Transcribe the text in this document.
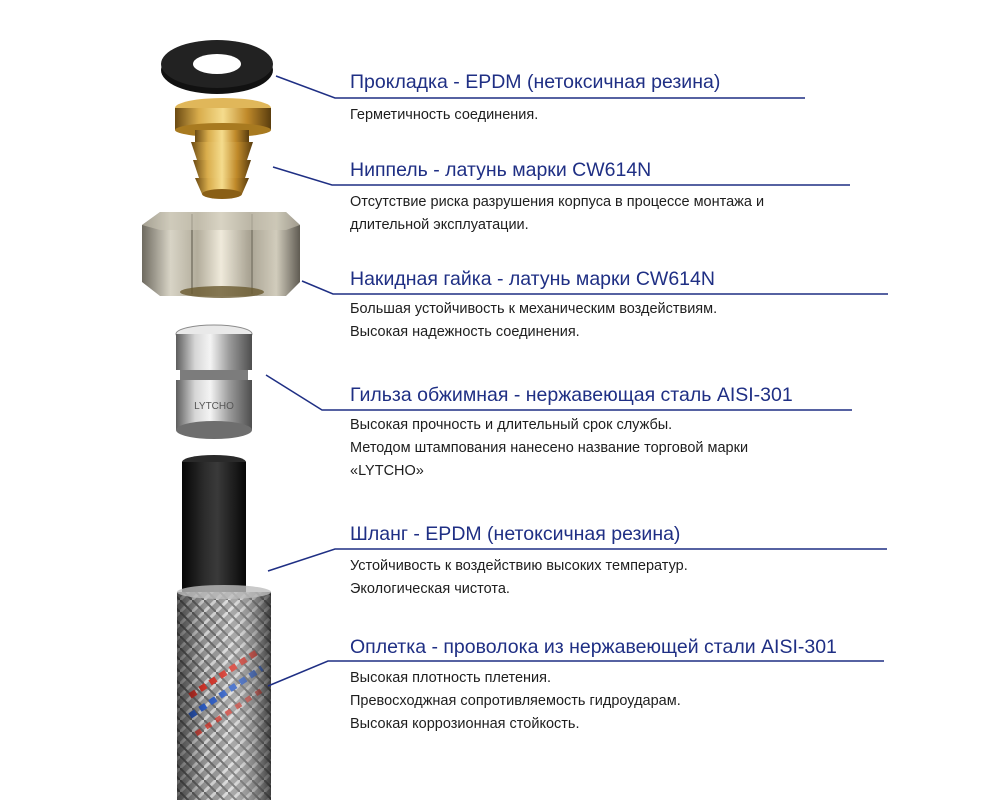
LYTCHO
Прокладка - EPDM (нетоксичная резина)
Герметичность соединения.
Ниппель - латунь марки CW614N
Отсутствие риска разрушения корпуса в процессе монтажа и
длительной эксплуатации.
Накидная гайка - латунь марки CW614N
Большая устойчивость к механическим воздействиям.
Высокая надежность соединения.
Гильза обжимная - нержавеющая сталь AISI-301
Высокая прочность и длительный срок службы.
Методом штампования нанесено название торговой марки
«LYTCHO»
Шланг - EPDM (нетоксичная резина)
Устойчивость к воздействию высоких температур.
Экологическая чистота.
Оплетка - проволока из нержавеющей стали AISI-301
Высокая плотность плетения.
Превосходжная сопротивляемость гидроударам.
Высокая коррозионная стойкость.
